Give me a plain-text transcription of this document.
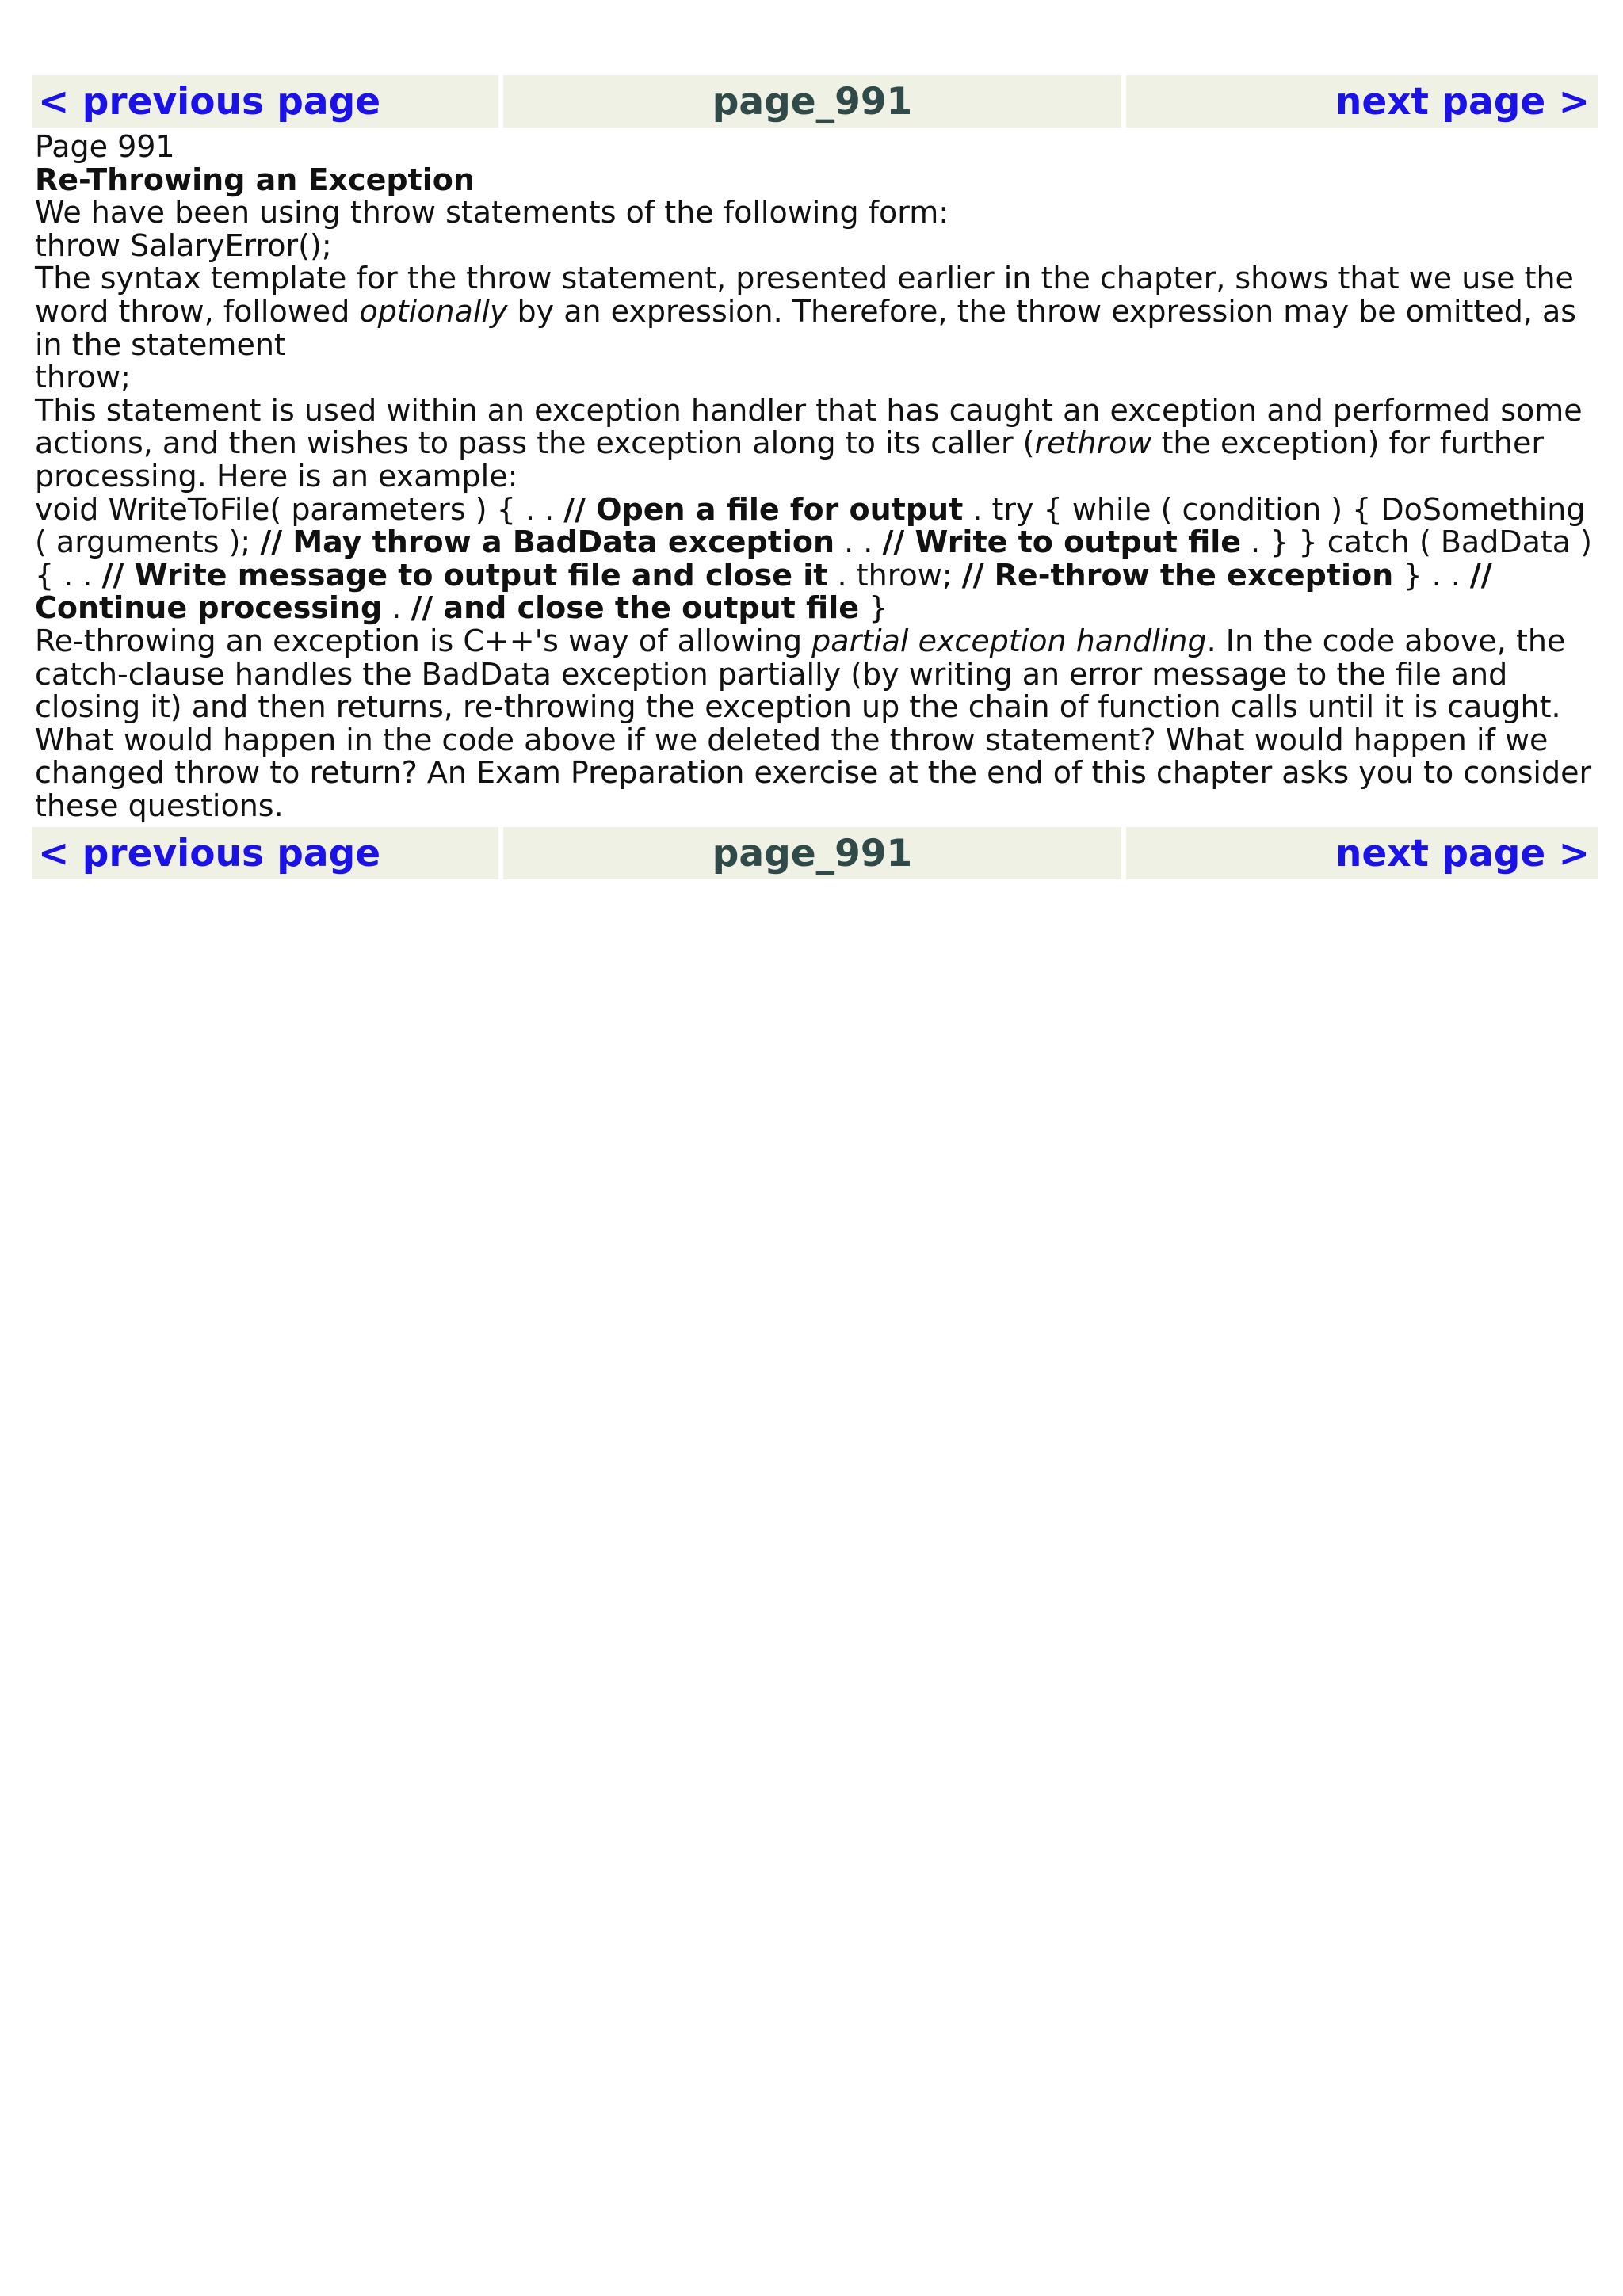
< previous page	page_991	next page >

Page 991

Re-Throwing an Exception

We have been using throw statements of the following form:

throw SalaryError();

The syntax template for the throw statement, presented earlier in the chapter, shows that we use the word throw, followed optionally by an expression. Therefore, the throw expression may be omitted, as in the statement

throw;

This statement is used within an exception handler that has caught an exception and performed some actions, and then wishes to pass the exception along to its caller (rethrow the exception) for further processing. Here is an example:

void WriteToFile( parameters ) { . . // Open a file for output . try { while ( condition ) { DoSomething ( arguments ); // May throw a BadData exception . . // Write to output file . } } catch ( BadData ) { . . // Write message to output file and close it . throw; // Re-throw the exception } . . // Continue processing . // and close the output file }

Re-throwing an exception is C++'s way of allowing partial exception handling. In the code above, the catch-clause handles the BadData exception partially (by writing an error message to the file and closing it) and then returns, re-throwing the exception up the chain of function calls until it is caught.

What would happen in the code above if we deleted the throw statement? What would happen if we changed throw to return? An Exam Preparation exercise at the end of this chapter asks you to consider these questions.

< previous page	page_991	next page >
